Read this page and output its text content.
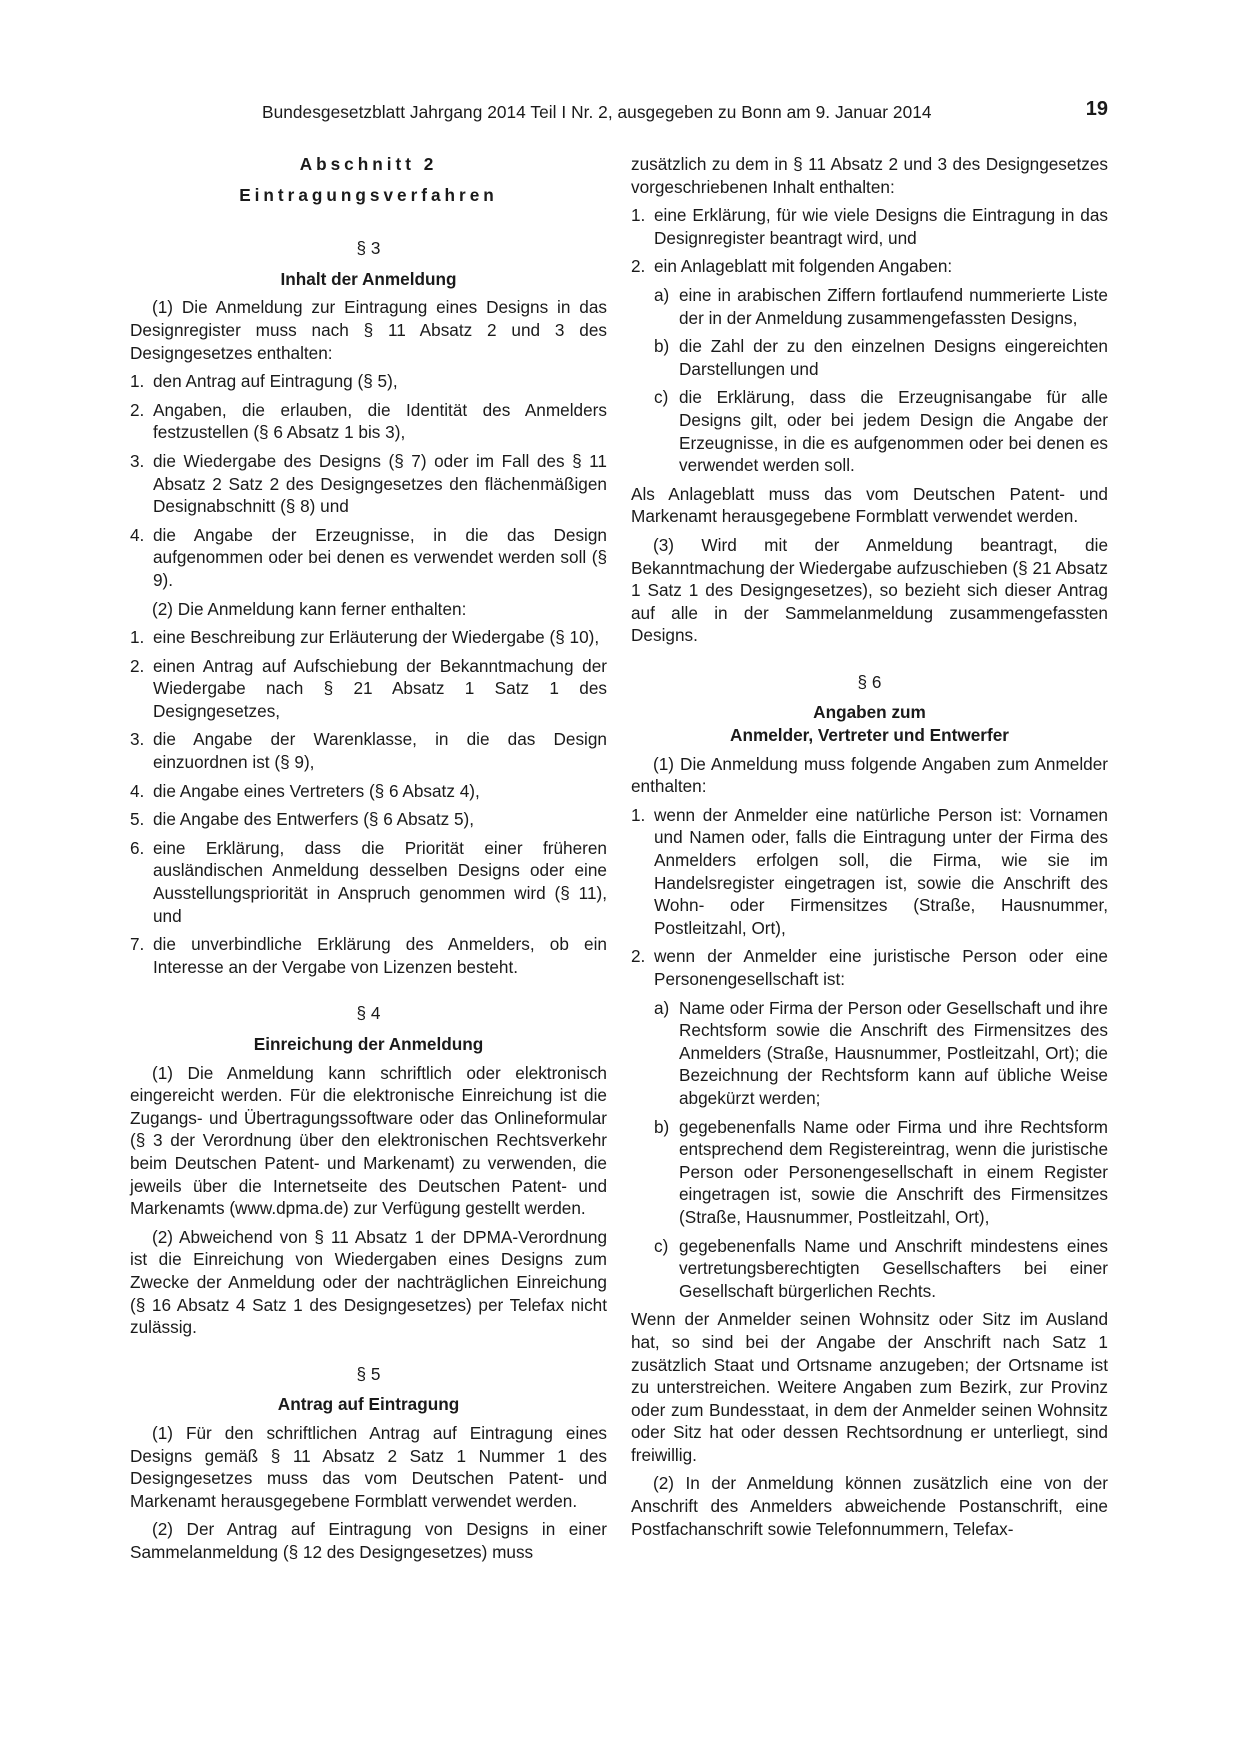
Bundesgesetzblatt Jahrgang 2014 Teil I Nr. 2, ausgegeben zu Bonn am 9. Januar 2014	19
Abschnitt 2
Eintragungsverfahren
§ 3
Inhalt der Anmeldung
(1) Die Anmeldung zur Eintragung eines Designs in das Designregister muss nach § 11 Absatz 2 und 3 des Designgesetzes enthalten:
1. den Antrag auf Eintragung (§ 5),
2. Angaben, die erlauben, die Identität des Anmelders festzustellen (§ 6 Absatz 1 bis 3),
3. die Wiedergabe des Designs (§ 7) oder im Fall des § 11 Absatz 2 Satz 2 des Designgesetzes den flächenmäßigen Designabschnitt (§ 8) und
4. die Angabe der Erzeugnisse, in die das Design aufgenommen oder bei denen es verwendet werden soll (§ 9).
(2) Die Anmeldung kann ferner enthalten:
1. eine Beschreibung zur Erläuterung der Wiedergabe (§ 10),
2. einen Antrag auf Aufschiebung der Bekanntmachung der Wiedergabe nach § 21 Absatz 1 Satz 1 des Designgesetzes,
3. die Angabe der Warenklasse, in die das Design einzuordnen ist (§ 9),
4. die Angabe eines Vertreters (§ 6 Absatz 4),
5. die Angabe des Entwerfers (§ 6 Absatz 5),
6. eine Erklärung, dass die Priorität einer früheren ausländischen Anmeldung desselben Designs oder eine Ausstellungspriorität in Anspruch genommen wird (§ 11), und
7. die unverbindliche Erklärung des Anmelders, ob ein Interesse an der Vergabe von Lizenzen besteht.
§ 4
Einreichung der Anmeldung
(1) Die Anmeldung kann schriftlich oder elektronisch eingereicht werden. Für die elektronische Einreichung ist die Zugangs- und Übertragungssoftware oder das Onlineformular (§ 3 der Verordnung über den elektronischen Rechtsverkehr beim Deutschen Patent- und Markenamt) zu verwenden, die jeweils über die Internetseite des Deutschen Patent- und Markenamts (www.dpma.de) zur Verfügung gestellt werden.
(2) Abweichend von § 11 Absatz 1 der DPMA-Verordnung ist die Einreichung von Wiedergaben eines Designs zum Zwecke der Anmeldung oder der nachträglichen Einreichung (§ 16 Absatz 4 Satz 1 des Designgesetzes) per Telefax nicht zulässig.
§ 5
Antrag auf Eintragung
(1) Für den schriftlichen Antrag auf Eintragung eines Designs gemäß § 11 Absatz 2 Satz 1 Nummer 1 des Designgesetzes muss das vom Deutschen Patent- und Markenamt herausgegebene Formblatt verwendet werden.
(2) Der Antrag auf Eintragung von Designs in einer Sammelanmeldung (§ 12 des Designgesetzes) muss
zusätzlich zu dem in § 11 Absatz 2 und 3 des Designgesetzes vorgeschriebenen Inhalt enthalten:
1. eine Erklärung, für wie viele Designs die Eintragung in das Designregister beantragt wird, und
2. ein Anlageblatt mit folgenden Angaben:
a) eine in arabischen Ziffern fortlaufend nummerierte Liste der in der Anmeldung zusammengefassten Designs,
b) die Zahl der zu den einzelnen Designs eingereichten Darstellungen und
c) die Erklärung, dass die Erzeugnisangabe für alle Designs gilt, oder bei jedem Design die Angabe der Erzeugnisse, in die es aufgenommen oder bei denen es verwendet werden soll.
Als Anlageblatt muss das vom Deutschen Patent- und Markenamt herausgegebene Formblatt verwendet werden.
(3) Wird mit der Anmeldung beantragt, die Bekanntmachung der Wiedergabe aufzuschieben (§ 21 Absatz 1 Satz 1 des Designgesetzes), so bezieht sich dieser Antrag auf alle in der Sammelanmeldung zusammengefassten Designs.
§ 6
Angaben zum
Anmelder, Vertreter und Entwerfer
(1) Die Anmeldung muss folgende Angaben zum Anmelder enthalten:
1. wenn der Anmelder eine natürliche Person ist: Vornamen und Namen oder, falls die Eintragung unter der Firma des Anmelders erfolgen soll, die Firma, wie sie im Handelsregister eingetragen ist, sowie die Anschrift des Wohn- oder Firmensitzes (Straße, Hausnummer, Postleitzahl, Ort),
2. wenn der Anmelder eine juristische Person oder eine Personengesellschaft ist:
a) Name oder Firma der Person oder Gesellschaft und ihre Rechtsform sowie die Anschrift des Firmensitzes des Anmelders (Straße, Hausnummer, Postleitzahl, Ort); die Bezeichnung der Rechtsform kann auf übliche Weise abgekürzt werden;
b) gegebenenfalls Name oder Firma und ihre Rechtsform entsprechend dem Registereintrag, wenn die juristische Person oder Personengesellschaft in einem Register eingetragen ist, sowie die Anschrift des Firmensitzes (Straße, Hausnummer, Postleitzahl, Ort),
c) gegebenenfalls Name und Anschrift mindestens eines vertretungsberechtigten Gesellschafters bei einer Gesellschaft bürgerlichen Rechts.
Wenn der Anmelder seinen Wohnsitz oder Sitz im Ausland hat, so sind bei der Angabe der Anschrift nach Satz 1 zusätzlich Staat und Ortsname anzugeben; der Ortsname ist zu unterstreichen. Weitere Angaben zum Bezirk, zur Provinz oder zum Bundesstaat, in dem der Anmelder seinen Wohnsitz oder Sitz hat oder dessen Rechtsordnung er unterliegt, sind freiwillig.
(2) In der Anmeldung können zusätzlich eine von der Anschrift des Anmelders abweichende Postanschrift, eine Postfachanschrift sowie Telefonnummern, Telefax-
